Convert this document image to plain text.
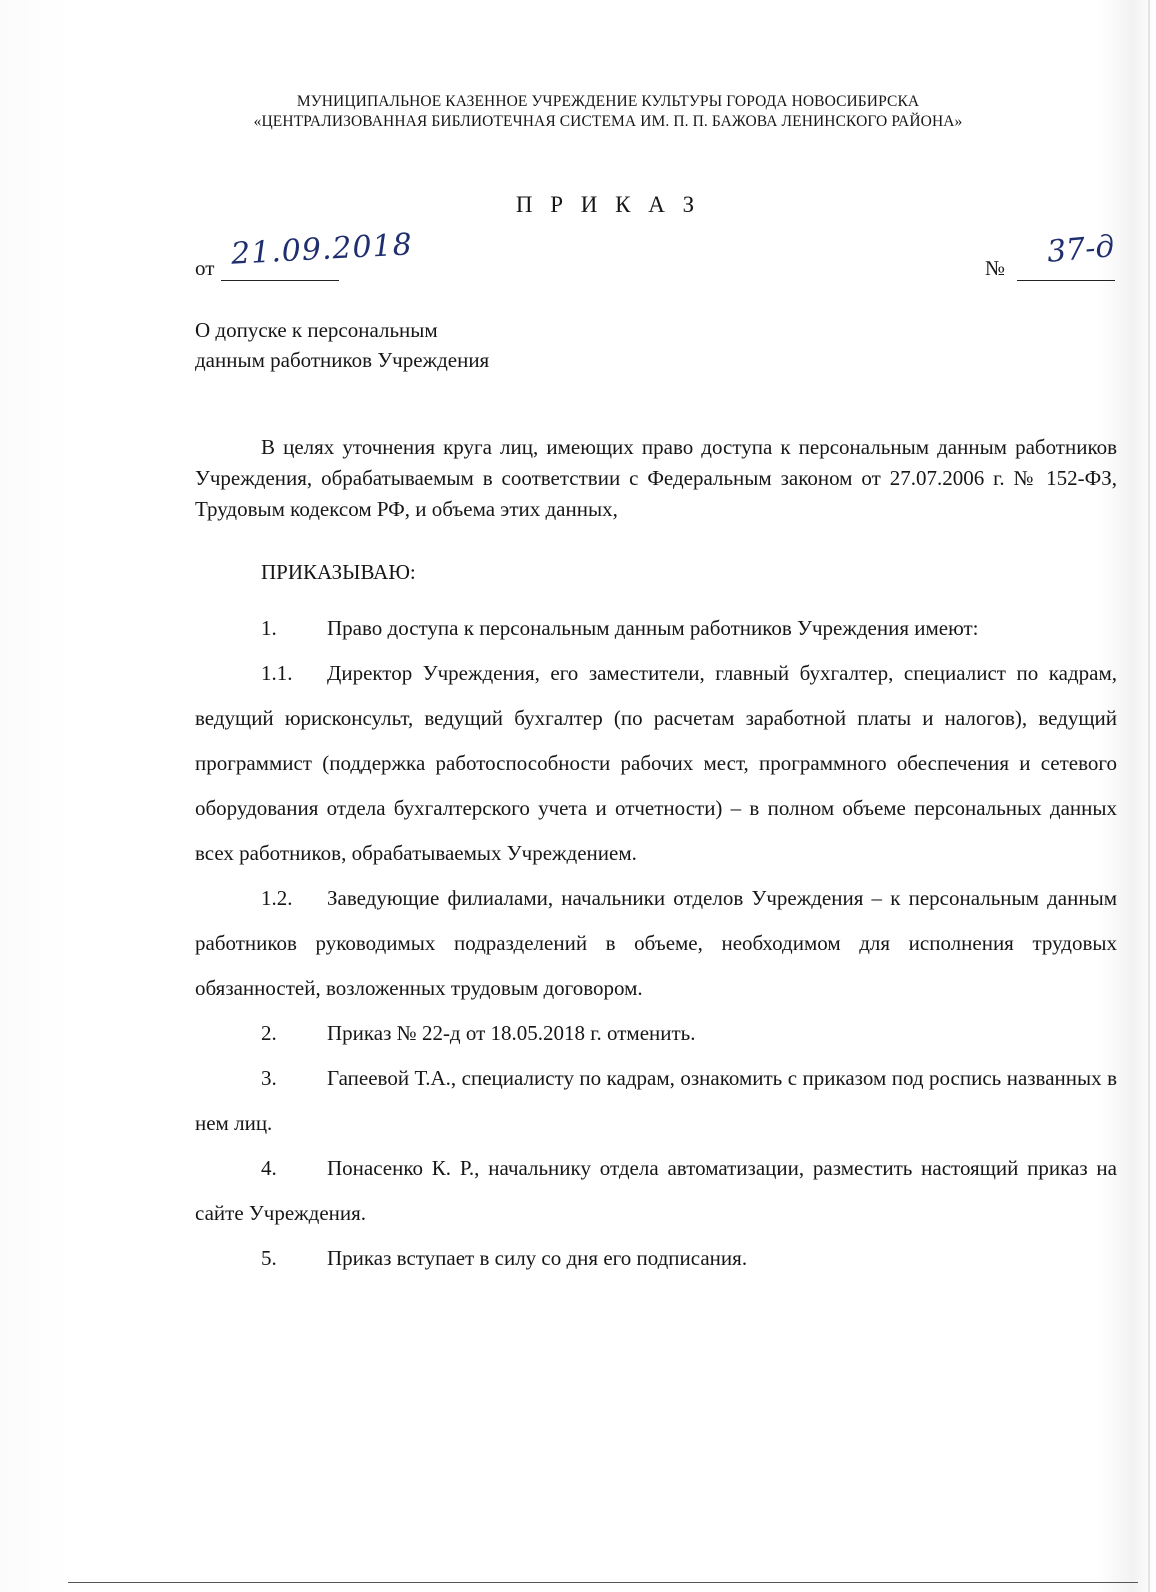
МУНИЦИПАЛЬНОЕ КАЗЕННОЕ УЧРЕЖДЕНИЕ КУЛЬТУРЫ ГОРОДА НОВОСИБИРСКА
«ЦЕНТРАЛИЗОВАННАЯ БИБЛИОТЕЧНАЯ СИСТЕМА ИМ. П. П. БАЖОВА ЛЕНИНСКОГО РАЙОНА»
П Р И К А З
от 21.09.2018	№ 37-д
О допуске к персональным
данным работников Учреждения

В целях уточнения круга лиц, имеющих право доступа к персональным данным работников Учреждения, обрабатываемым в соответствии с Федеральным законом от 27.07.2006 г. № 152-ФЗ, Трудовым кодексом РФ, и объема этих данных,

ПРИКАЗЫВАЮ:

1. Право доступа к персональным данным работников Учреждения имеют:

1.1. Директор Учреждения, его заместители, главный бухгалтер, специалист по кадрам, ведущий юрисконсульт, ведущий бухгалтер (по расчетам заработной платы и налогов), ведущий программист (поддержка работоспособности рабочих мест, программного обеспечения и сетевого оборудования отдела бухгалтерского учета и отчетности) – в полном объеме персональных данных всех работников, обрабатываемых Учреждением.

1.2. Заведующие филиалами, начальники отделов Учреждения – к персональным данным работников руководимых подразделений в объеме, необходимом для исполнения трудовых обязанностей, возложенных трудовым договором.

2. Приказ № 22-д от 18.05.2018 г. отменить.

3. Гапеевой Т.А., специалисту по кадрам, ознакомить с приказом под роспись названных в нем лиц.

4. Понасенко К. Р., начальнику отдела автоматизации, разместить настоящий приказ на сайте Учреждения.

5. Приказ вступает в силу со дня его подписания.
